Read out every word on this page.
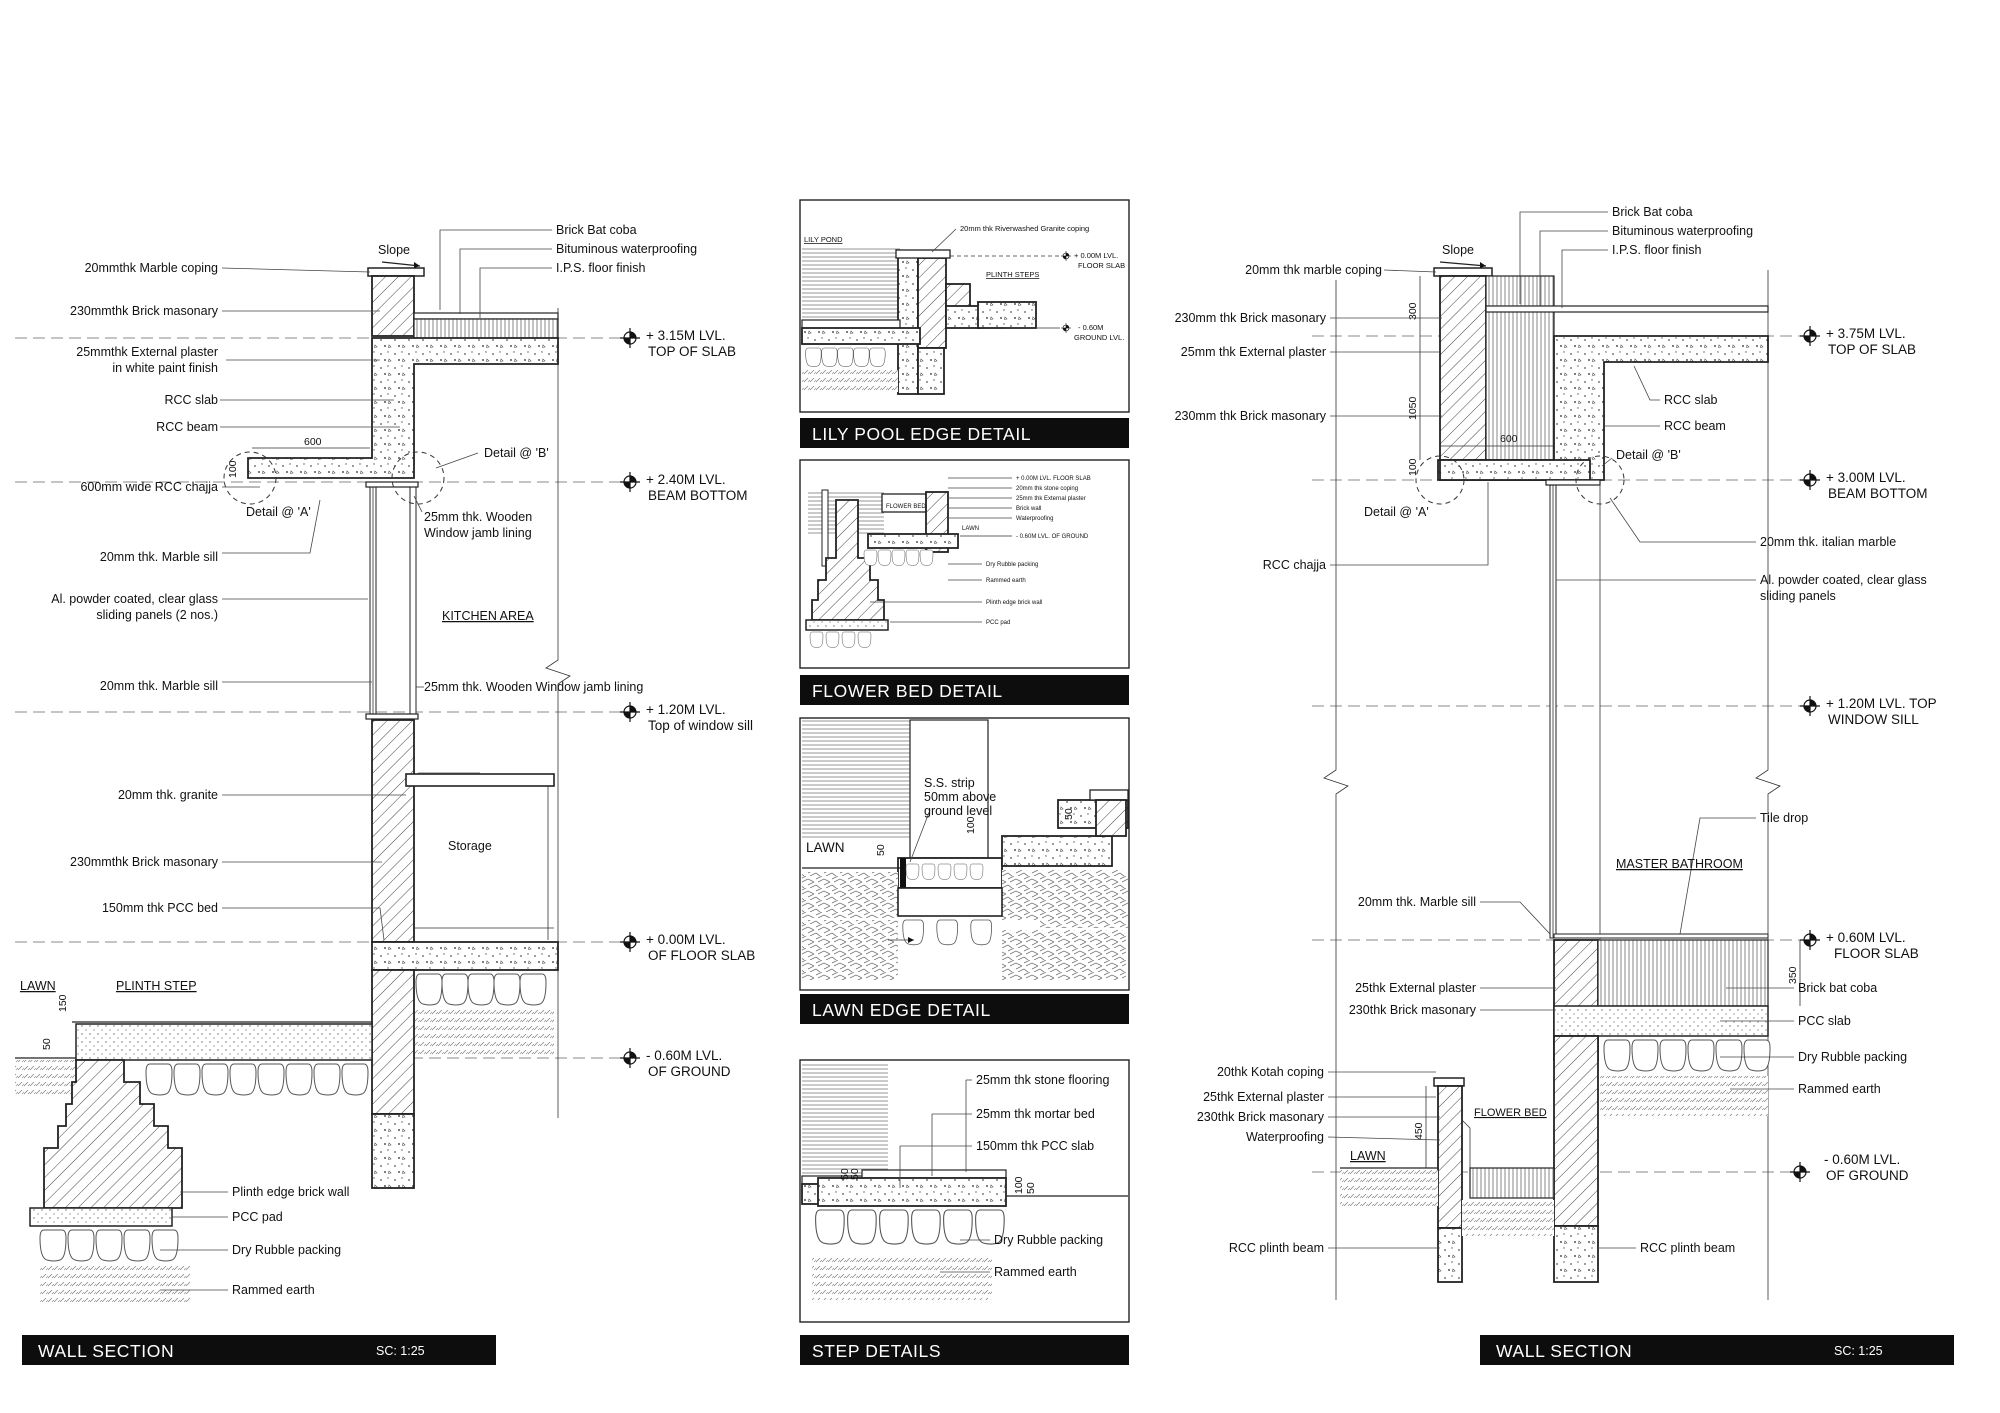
600
100
150
50
Slope
+ 3.15M LVL.
TOP OF SLAB
+ 2.40M LVL.
BEAM BOTTOM
+ 1.20M LVL.
Top of window sill
+ 0.00M LVL.
OF FLOOR SLAB
- 0.60M LVL.
OF GROUND
20mmthk Marble coping
230mmthk Brick masonary
25mmthk External plaster
in white paint finish
RCC slab
RCC beam
600mm wide RCC chajja
Detail @ 'A'
Detail @ 'B'
25mm thk. Wooden
Window jamb lining
20mm thk. Marble sill
Al. powder coated, clear glass
sliding panels (2 nos.)	KITCHEN AREA
20mm thk. Marble sill	25mm thk. Wooden Window jamb lining
20mm thk. granite
Storage
230mmthk Brick masonary
150mm thk PCC bed
LAWN	PLINTH STEP
Plinth edge brick wall
PCC pad
Dry Rubble packing
Rammed earth
Brick Bat coba
Bituminous waterproofing
I.P.S. floor finish
WALL SECTION	SC: 1:25
20mm thk Riverwashed Granite coping
+ 0.00M LVL.
FLOOR SLAB
PLINTH STEPS
LILY POND
- 0.60M
GROUND LVL.
LILY POOL EDGE DETAIL
+ 0.00M LVL. FLOOR SLAB
20mm thk stone coping
25mm thk External plaster
Brick wall
Waterproofing
- 0.60M LVL. OF GROUND
Dry Rubble packing
Rammed earth
Plinth edge brick wall
PCC pad
FLOWER BED
LAWN
FLOWER BED DETAIL
S.S. strip
50mm above
ground level
LAWN	50
100
50
LAWN EDGE DETAIL
25mm thk stone flooring
25mm thk mortar bed
150mm thk PCC slab
Dry Rubble packing
Rammed earth
50
50
100 50
STEP DETAILS
300
1050
600
100
350
450
Slope
+ 3.75M LVL.
TOP OF SLAB
+ 3.00M LVL.
BEAM BOTTOM
+ 1.20M LVL. TOP
WINDOW SILL
+ 0.60M LVL.
FLOOR SLAB
- 0.60M LVL.
OF GROUND
Brick Bat coba
Bituminous waterproofing
I.P.S. floor finish
20mm thk marble coping
230mm thk Brick masonary
25mm thk External plaster
230mm thk Brick masonary
RCC slab
RCC beam
Detail @ 'B'
Detail @ 'A'
RCC chajja
20mm thk. italian marble
Al. powder coated, clear glass
sliding panels
Tile drop
MASTER BATHROOM
20mm thk. Marble sill
25thk External plaster
230thk Brick masonary
Brick bat coba
PCC slab
Dry Rubble packing
Rammed earth
20thk Kotah coping
25thk External plaster
230thk Brick masonary
Waterproofing
FLOWER BED
LAWN
RCC plinth beam	RCC plinth beam
WALL SECTION	SC: 1:25
